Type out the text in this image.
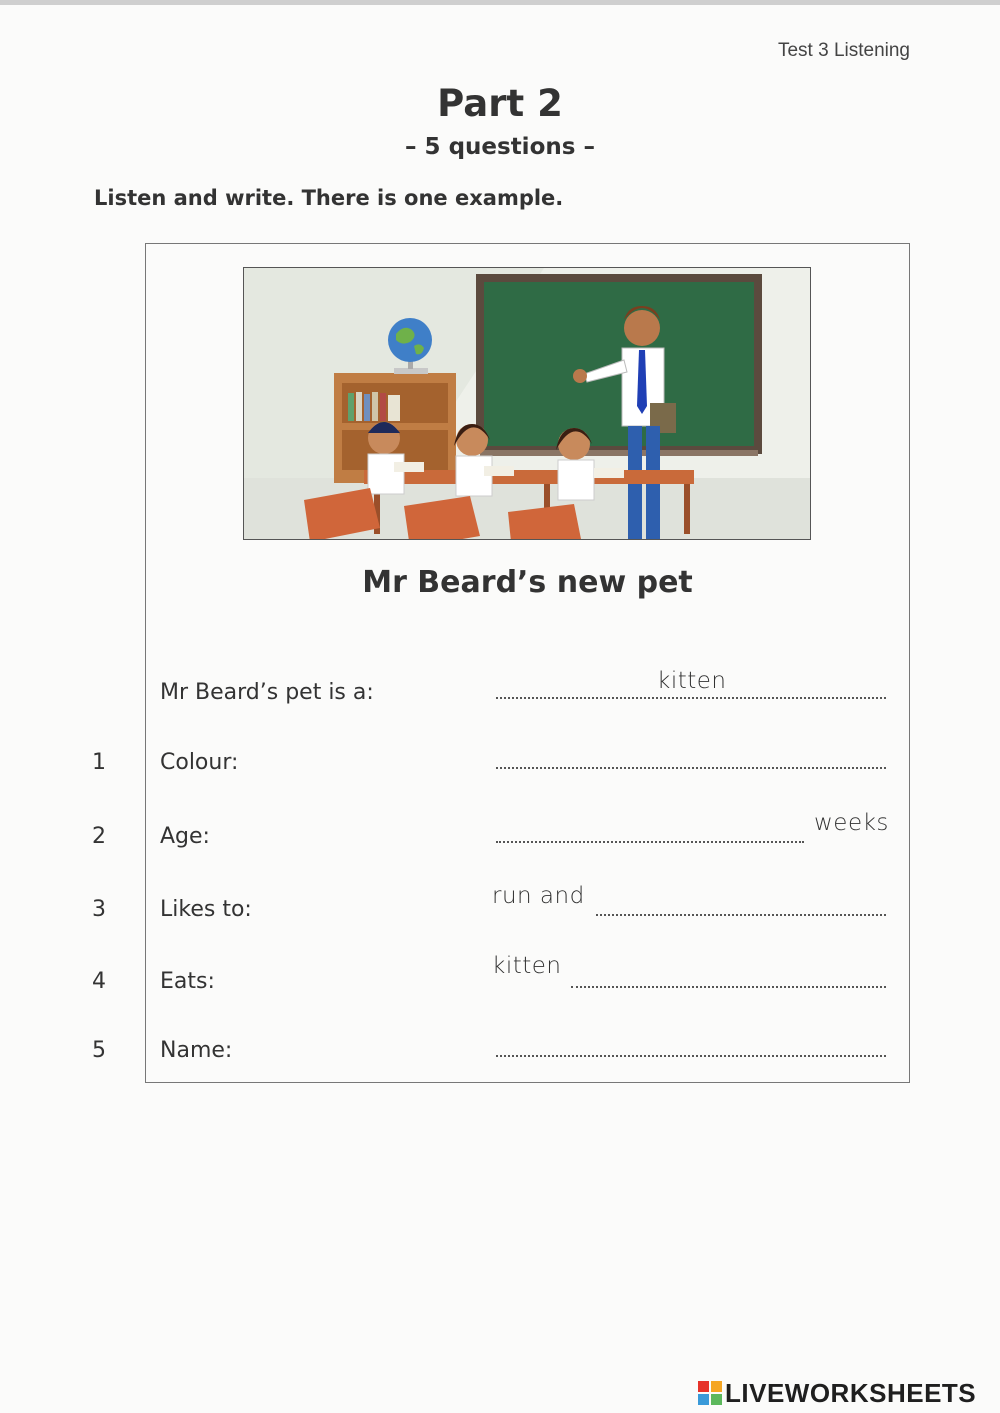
Test 3 Listening
Part 2
– 5 questions –
Listen and write. There is one example.
Mr Beard’s new pet
Mr Beard’s pet is a:	kitten
1 Colour:
2 Age:
weeks
3 Likes to:
run and
4 Eats:
kitten
5 Name:
LIVEWORKSHEETS
